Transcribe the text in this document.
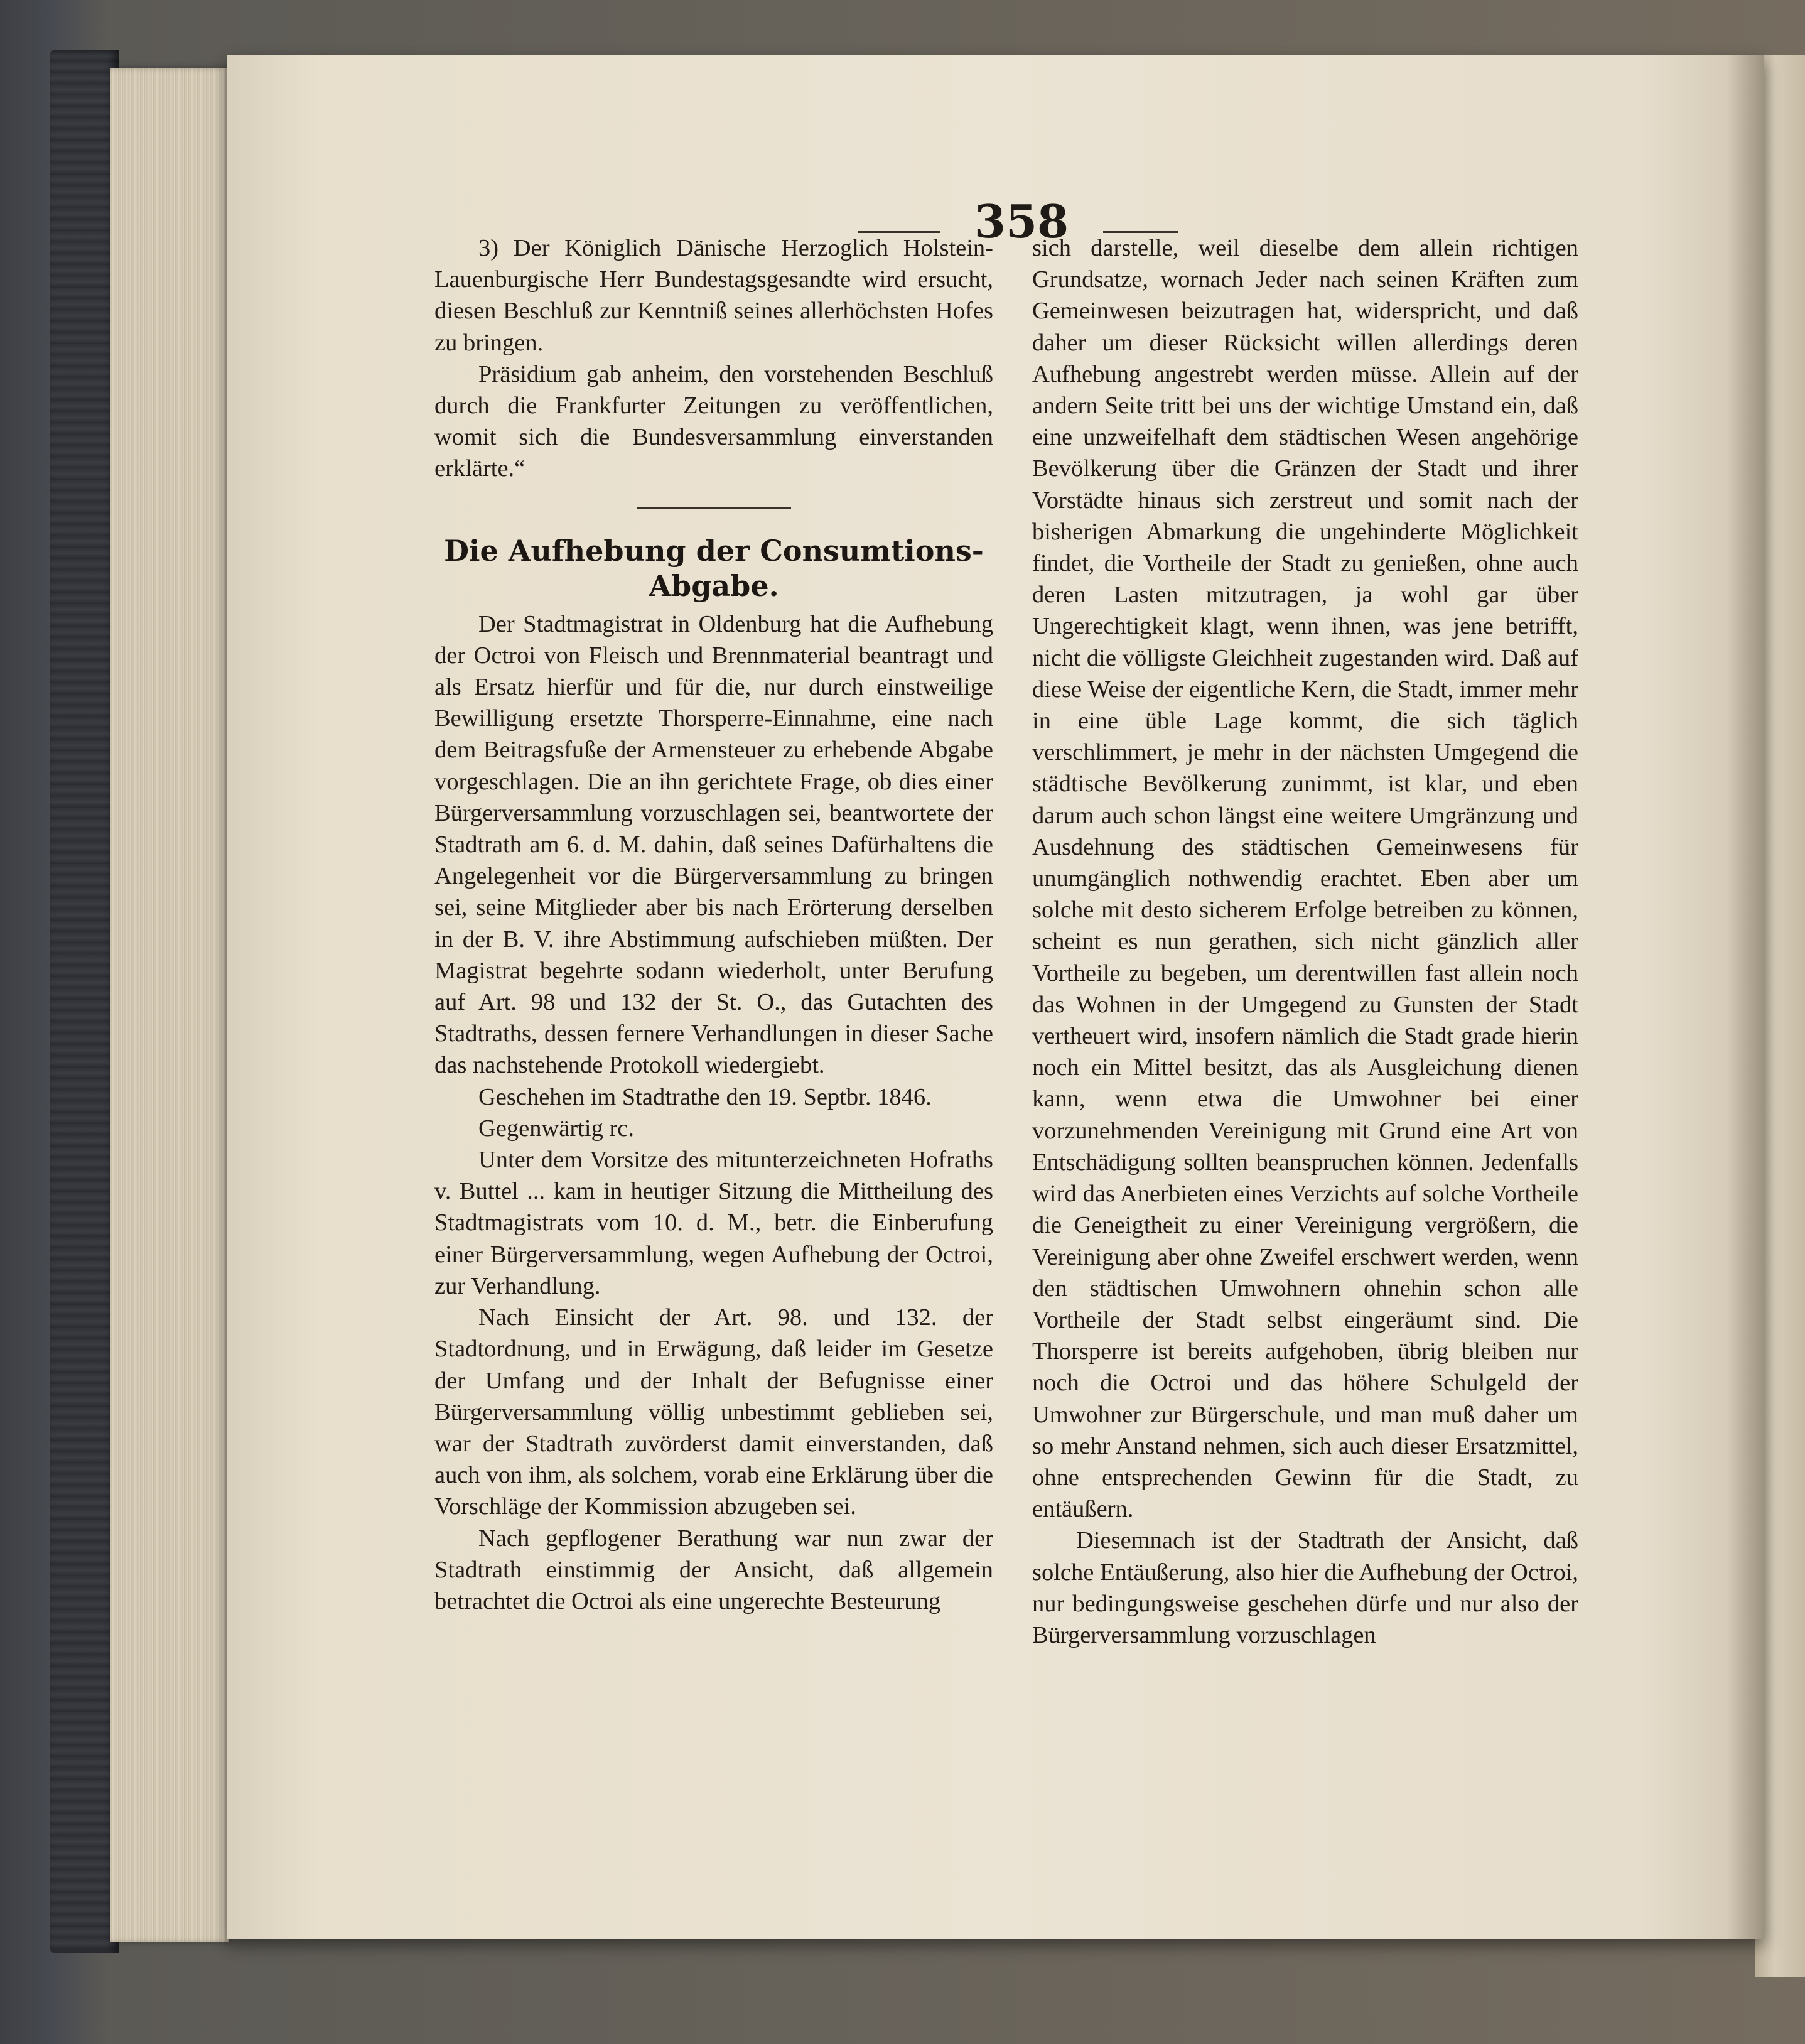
358

3) Der Königlich Dänische Herzoglich Holstein-Lauenburgische Herr Bundestagsgesandte wird ersucht, diesen Beschluß zur Kenntniß seines allerhöchsten Hofes zu bringen.

Präsidium gab anheim, den vorstehenden Beschluß durch die Frankfurter Zeitungen zu veröffentlichen, womit sich die Bundesversammlung einverstanden erklärte.“

Die Aufhebung der Consumtions-Abgabe.

Der Stadtmagistrat in Oldenburg hat die Aufhebung der Octroi von Fleisch und Brennmaterial beantragt und als Ersatz hierfür und für die, nur durch einstweilige Bewilligung ersetzte Thorsperre-Einnahme, eine nach dem Beitragsfuße der Armensteuer zu erhebende Abgabe vorgeschlagen. Die an ihn gerichtete Frage, ob dies einer Bürgerversammlung vorzuschlagen sei, beantwortete der Stadtrath am 6. d. M. dahin, daß seines Dafürhaltens die Angelegenheit vor die Bürgerversammlung zu bringen sei, seine Mitglieder aber bis nach Erörterung derselben in der B. V. ihre Abstimmung aufschieben müßten. Der Magistrat begehrte sodann wiederholt, unter Berufung auf Art. 98 und 132 der St. O., das Gutachten des Stadtraths, dessen fernere Verhandlungen in dieser Sache das nachstehende Protokoll wiedergiebt.

Geschehen im Stadtrathe den 19. Septbr. 1846.

Gegenwärtig rc.

Unter dem Vorsitze des mitunterzeichneten Hofraths v. Buttel ... kam in heutiger Sitzung die Mittheilung des Stadtmagistrats vom 10. d. M., betr. die Einberufung einer Bürgerversammlung, wegen Aufhebung der Octroi, zur Verhandlung.

Nach Einsicht der Art. 98. und 132. der Stadtordnung, und in Erwägung, daß leider im Gesetze der Umfang und der Inhalt der Befugnisse einer Bürgerversammlung völlig unbestimmt geblieben sei, war der Stadtrath zuvörderst damit einverstanden, daß auch von ihm, als solchem, vorab eine Erklärung über die Vorschläge der Kommission abzugeben sei.

Nach gepflogener Berathung war nun zwar der Stadtrath einstimmig der Ansicht, daß allgemein betrachtet die Octroi als eine ungerechte Besteurung

sich darstelle, weil dieselbe dem allein richtigen Grundsatze, wornach Jeder nach seinen Kräften zum Gemeinwesen beizutragen hat, widerspricht, und daß daher um dieser Rücksicht willen allerdings deren Aufhebung angestrebt werden müsse. Allein auf der andern Seite tritt bei uns der wichtige Umstand ein, daß eine unzweifelhaft dem städtischen Wesen angehörige Bevölkerung über die Gränzen der Stadt und ihrer Vorstädte hinaus sich zerstreut und somit nach der bisherigen Abmarkung die ungehinderte Möglichkeit findet, die Vortheile der Stadt zu genießen, ohne auch deren Lasten mitzutragen, ja wohl gar über Ungerechtigkeit klagt, wenn ihnen, was jene betrifft, nicht die völligste Gleichheit zugestanden wird. Daß auf diese Weise der eigentliche Kern, die Stadt, immer mehr in eine üble Lage kommt, die sich täglich verschlimmert, je mehr in der nächsten Umgegend die städtische Bevölkerung zunimmt, ist klar, und eben darum auch schon längst eine weitere Umgränzung und Ausdehnung des städtischen Gemeinwesens für unumgänglich nothwendig erachtet. Eben aber um solche mit desto sicherem Erfolge betreiben zu können, scheint es nun gerathen, sich nicht gänzlich aller Vortheile zu begeben, um derentwillen fast allein noch das Wohnen in der Umgegend zu Gunsten der Stadt vertheuert wird, insofern nämlich die Stadt grade hierin noch ein Mittel besitzt, das als Ausgleichung dienen kann, wenn etwa die Umwohner bei einer vorzunehmenden Vereinigung mit Grund eine Art von Entschädigung sollten beanspruchen können. Jedenfalls wird das Anerbieten eines Verzichts auf solche Vortheile die Geneigtheit zu einer Vereinigung vergrößern, die Vereinigung aber ohne Zweifel erschwert werden, wenn den städtischen Umwohnern ohnehin schon alle Vortheile der Stadt selbst eingeräumt sind. Die Thorsperre ist bereits aufgehoben, übrig bleiben nur noch die Octroi und das höhere Schulgeld der Umwohner zur Bürgerschule, und man muß daher um so mehr Anstand nehmen, sich auch dieser Ersatzmittel, ohne entsprechenden Gewinn für die Stadt, zu entäußern.

Diesemnach ist der Stadtrath der Ansicht, daß solche Entäußerung, also hier die Aufhebung der Octroi, nur bedingungsweise geschehen dürfe und nur also der Bürgerversammlung vorzuschlagen
